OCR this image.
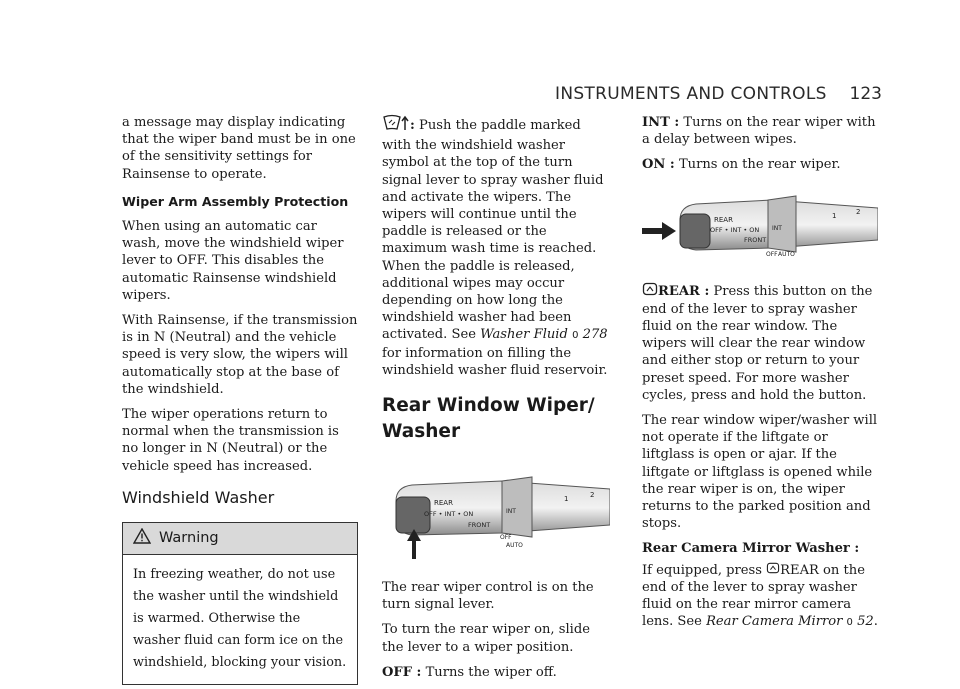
INSTRUMENTS AND CONTROLS	123

a message may display indicating that the wiper band must be in one of the sensitivity settings for Rainsense to operate.

Wiper Arm Assembly Protection

When using an automatic car wash, move the windshield wiper lever to OFF. This disables the automatic Rainsense windshield wipers.

With Rainsense, if the transmission is in N (Neutral) and the vehicle speed is very slow, the wipers will automatically stop at the base of the windshield.

The wiper operations return to normal when the transmission is no longer in N (Neutral) or the vehicle speed has increased.

Windshield Washer
Warning

In freezing weather, do not use the washer until the windshield is warmed. Otherwise the washer fluid can form ice on the windshield, blocking your vision.

: Push the paddle marked with the windshield washer symbol at the top of the turn signal lever to spray washer fluid and activate the wipers. The wipers will continue until the paddle is released or the maximum wash time is reached. When the paddle is released, additional wipes may occur depending on how long the windshield washer had been activated. See Washer Fluid 0 278 for information on filling the windshield washer fluid reservoir.

Rear Window Wiper/ Washer
REAR
OFF • INT • ON
FRONT
INT
OFF
AUTO
1	2

The rear wiper control is on the turn signal lever.

To turn the rear wiper on, slide the lever to a wiper position.

OFF : Turns the wiper off.

INT : Turns on the rear wiper with a delay between wipes.

ON : Turns on the rear wiper.

REAR
OFF • INT • ON
FRONT
INT
OFF AUTO
1	2

REAR : Press this button on the end of the lever to spray washer fluid on the rear window. The wipers will clear the rear window and either stop or return to your preset speed. For more washer cycles, press and hold the button.

The rear window wiper/washer will not operate if the liftgate or liftglass is open or ajar. If the liftgate or liftglass is opened while the rear wiper is on, the wiper returns to the parked position and stops.

Rear Camera Mirror Washer :

If equipped, press REAR on the end of the lever to spray washer fluid on the rear mirror camera lens. See Rear Camera Mirror 0 52.
